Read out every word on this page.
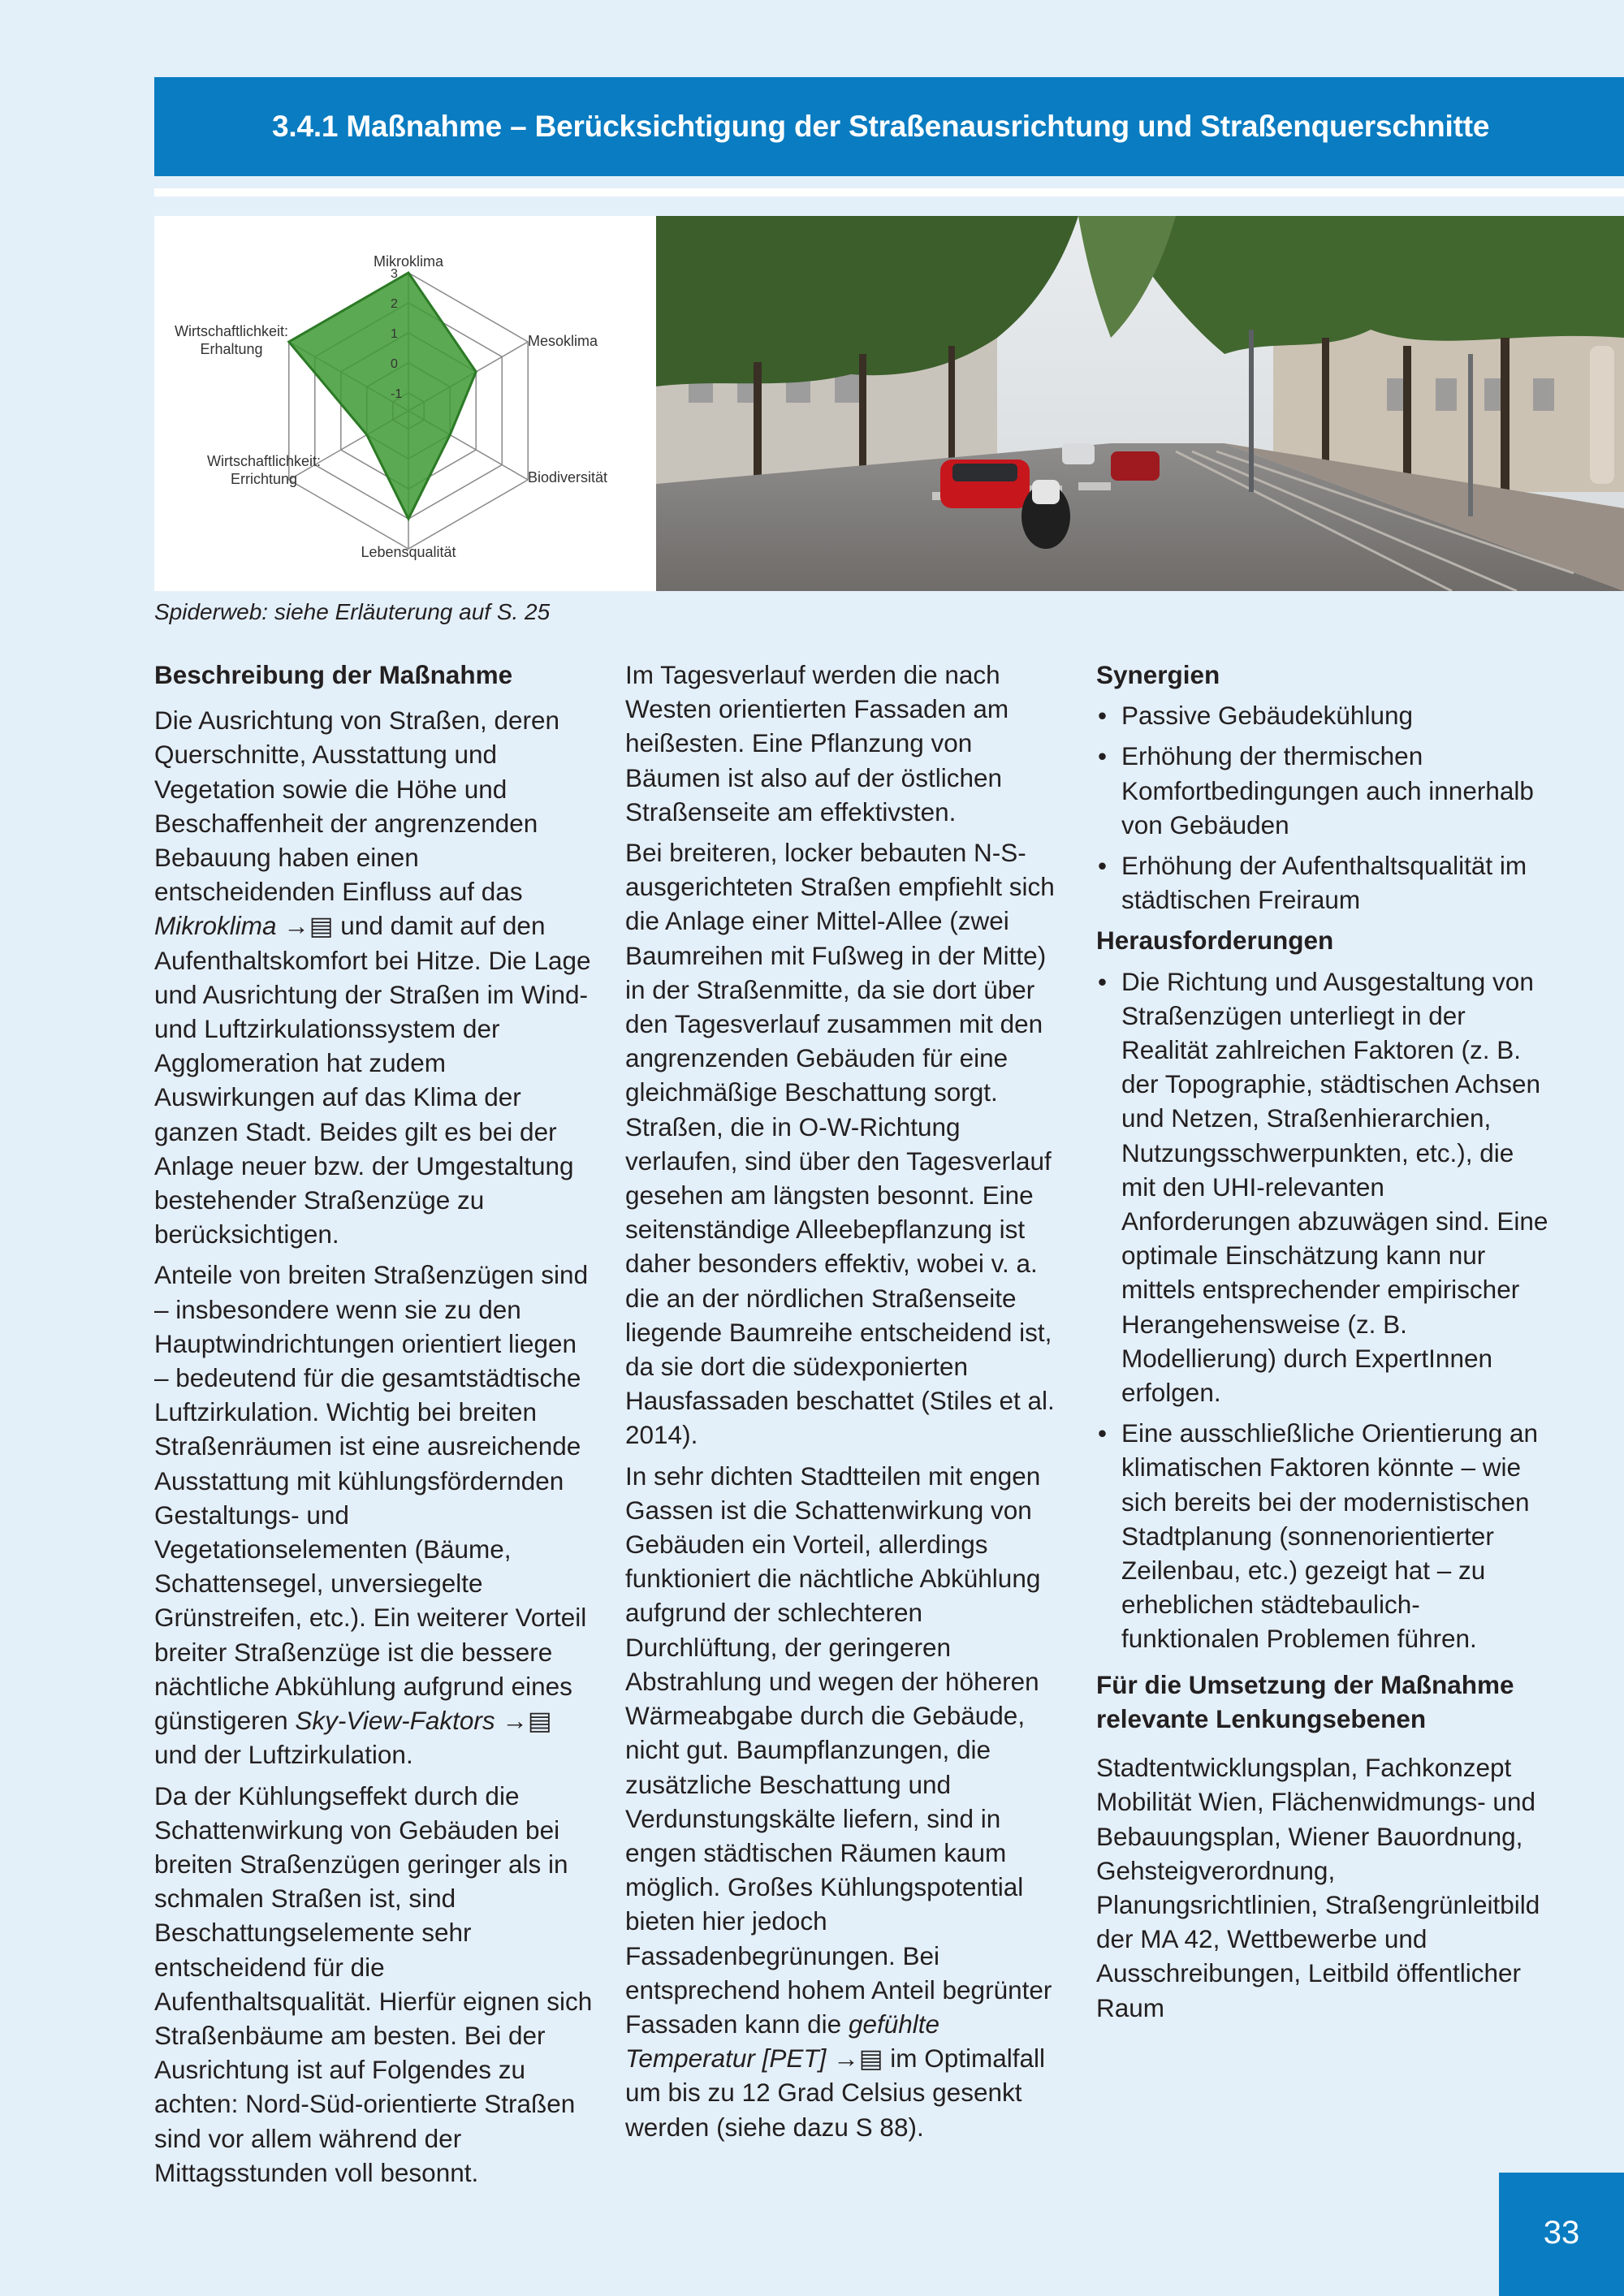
3.4.1 Maßnahme – Berücksichtigung der Straßenausrichtung und Straßenquerschnitte
3
2
1
0
-1
Mikroklima
Mesoklima
Biodiversität
Lebensqualität
Wirtschaftlichkeit:
Errichtung
Wirtschaftlichkeit:
Erhaltung
Spiderweb: siehe Erläuterung auf S. 25
Beschreibung der Maßnahme

Die Ausrichtung von Straßen, deren Querschnitte, Ausstattung und Vegetation sowie die Höhe und Beschaffenheit der angrenzenden Bebauung haben einen entscheidenden Einfluss auf das Mikroklima →▤ und damit auf den Aufenthaltskomfort bei Hitze. Die Lage und Ausrichtung der Straßen im Wind- und Luftzirkulationssystem der Agglomeration hat zudem Auswirkungen auf das Klima der ganzen Stadt. Beides gilt es bei der Anlage neuer bzw. der Umgestaltung bestehender Straßenzüge zu berücksichtigen.

Anteile von breiten Straßenzügen sind – insbesondere wenn sie zu den Hauptwindrichtungen orientiert liegen – bedeutend für die gesamtstädtische Luftzirkulation. Wichtig bei breiten Straßenräumen ist eine ausreichende Ausstattung mit kühlungsfördernden Gestaltungs- und Vegetationselementen (Bäume, Schattensegel, unversiegelte Grünstreifen, etc.). Ein weiterer Vorteil breiter Straßenzüge ist die bessere nächtliche Abkühlung aufgrund eines günstigeren Sky-View-Faktors →▤ und der Luftzirkulation.

Da der Kühlungseffekt durch die Schattenwirkung von Gebäuden bei breiten Straßenzügen geringer als in schmalen Straßen ist, sind Beschattungselemente sehr entscheidend für die Aufenthaltsqualität. Hierfür eignen sich Straßenbäume am besten. Bei der Ausrichtung ist auf Folgendes zu achten: Nord-Süd-orientierte Straßen sind vor allem während der Mittagsstunden voll besonnt.

Im Tagesverlauf werden die nach Westen orientierten Fassaden am heißesten. Eine Pflanzung von Bäumen ist also auf der östlichen Straßenseite am effektivsten.

Bei breiteren, locker bebauten N-S-ausgerichteten Straßen empfiehlt sich die Anlage einer Mittel-Allee (zwei Baumreihen mit Fußweg in der Mitte) in der Straßenmitte, da sie dort über den Tagesverlauf zusammen mit den angrenzenden Gebäuden für eine gleichmäßige Beschattung sorgt. Straßen, die in O-W-Richtung verlaufen, sind über den Tagesverlauf gesehen am längsten besonnt. Eine seitenständige Alleebepflanzung ist daher besonders effektiv, wobei v. a. die an der nördlichen Straßenseite liegende Baumreihe entscheidend ist, da sie dort die südexponierten Hausfassaden beschattet (Stiles et al. 2014).

In sehr dichten Stadtteilen mit engen Gassen ist die Schattenwirkung von Gebäuden ein Vorteil, allerdings funktioniert die nächtliche Abkühlung aufgrund der schlechteren Durchlüftung, der geringeren Abstrahlung und wegen der höheren Wärmeabgabe durch die Gebäude, nicht gut. Baumpflanzungen, die zusätzliche Beschattung und Verdunstungskälte liefern, sind in engen städtischen Räumen kaum möglich. Großes Kühlungspotential bieten hier jedoch Fassadenbegrünungen. Bei entsprechend hohem Anteil begrünter Fassaden kann die gefühlte Temperatur [PET] →▤ im Optimalfall um bis zu 12 Grad Celsius gesenkt werden (siehe dazu S 88).

Synergien
• Passive Gebäudekühlung
• Erhöhung der thermischen Komfortbedingungen auch innerhalb von Gebäuden
• Erhöhung der Aufenthaltsqualität im städtischen Freiraum
Herausforderungen
• Die Richtung und Ausgestaltung von Straßenzügen unterliegt in der Realität zahlreichen Faktoren (z. B. der Topographie, städtischen Achsen und Netzen, Straßenhierarchien, Nutzungsschwerpunkten, etc.), die mit den UHI-relevanten Anforderungen abzuwägen sind. Eine optimale Einschätzung kann nur mittels entsprechender empirischer Herangehensweise (z. B. Modellierung) durch ExpertInnen erfolgen.
• Eine ausschließliche Orientierung an klimatischen Faktoren könnte – wie sich bereits bei der modernistischen Stadtplanung (sonnenorientierter Zeilenbau, etc.) gezeigt hat – zu erheblichen städtebaulich-funktionalen Problemen führen.
Für die Umsetzung der Maßnahme relevante Lenkungsebenen

Stadtentwicklungsplan, Fachkonzept Mobilität Wien, Flächenwidmungs- und Bebauungsplan, Wiener Bauordnung, Gehsteigverordnung, Planungsrichtlinien, Straßengrünleitbild der MA 42, Wettbewerbe und Ausschreibungen, Leitbild öffentlicher Raum

33
